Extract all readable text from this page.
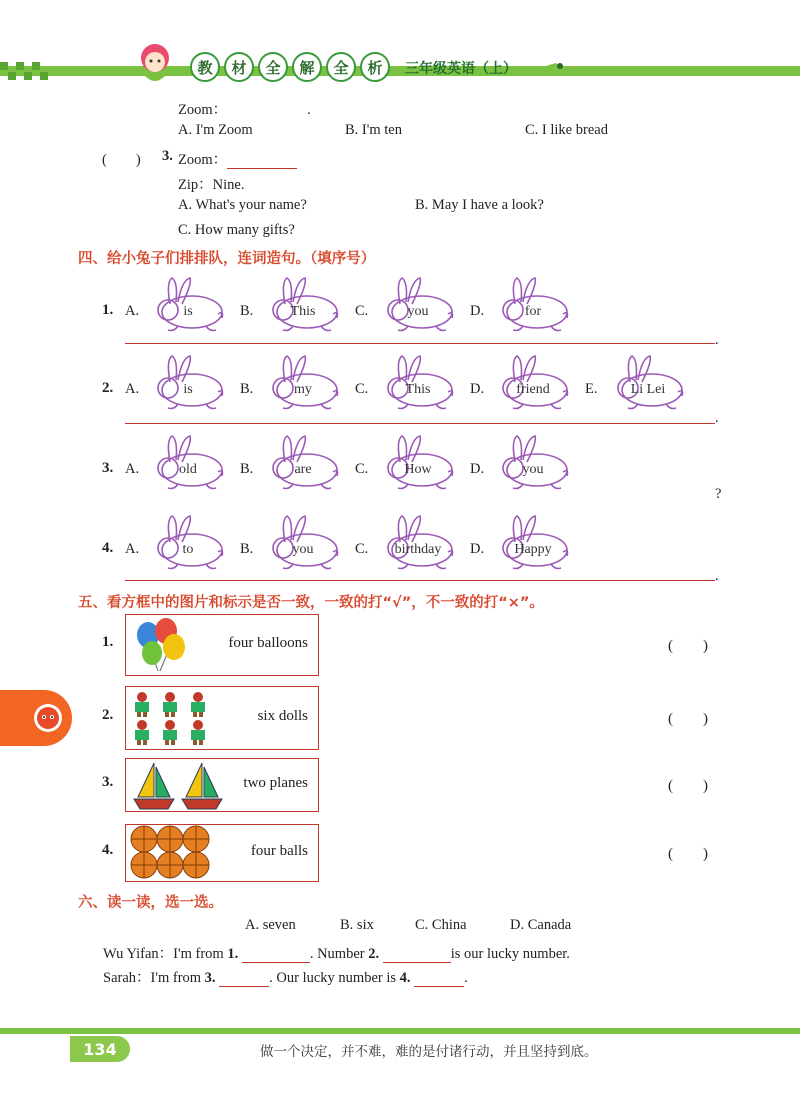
教	材	全	解	全	析	三年级英语（上）
Zoom：	.
A. I'm Zoom	B. I'm ten	C. I like bread
(　　) 3. Zoom：
Zip：Nine.
A. What's your name?	B. May I have a look?
C. How many gifts?
四、给小兔子们排排队，连词造句。（填序号）
1. A.	is	B.	This	C.	you	D.	for
.
2. A.	is	B.	my	C.	This	D.	friend	E.	Li Lei
.
3. A.	old	B.	are	C.	How	D.	you
?
4. A.	to	B.	you	C.	birthday	D.	Happy
.
五、看方框中的图片和标示是否一致，一致的打“√”，不一致的打“×”。
1.	four balloons	(　　)
2.	six dolls	(　　)
3.	two planes	(　　)
4.	four balls	(　　)
六、读一读，选一选。
A. seven	B. six	C. China	D. Canada
Wu Yifan：I'm from 1.	. Number 2.	is our lucky number.
Sarah：I'm from 3.	. Our lucky number is 4.	.
134	做一个决定，并不难，难的是付诸行动，并且坚持到底。
